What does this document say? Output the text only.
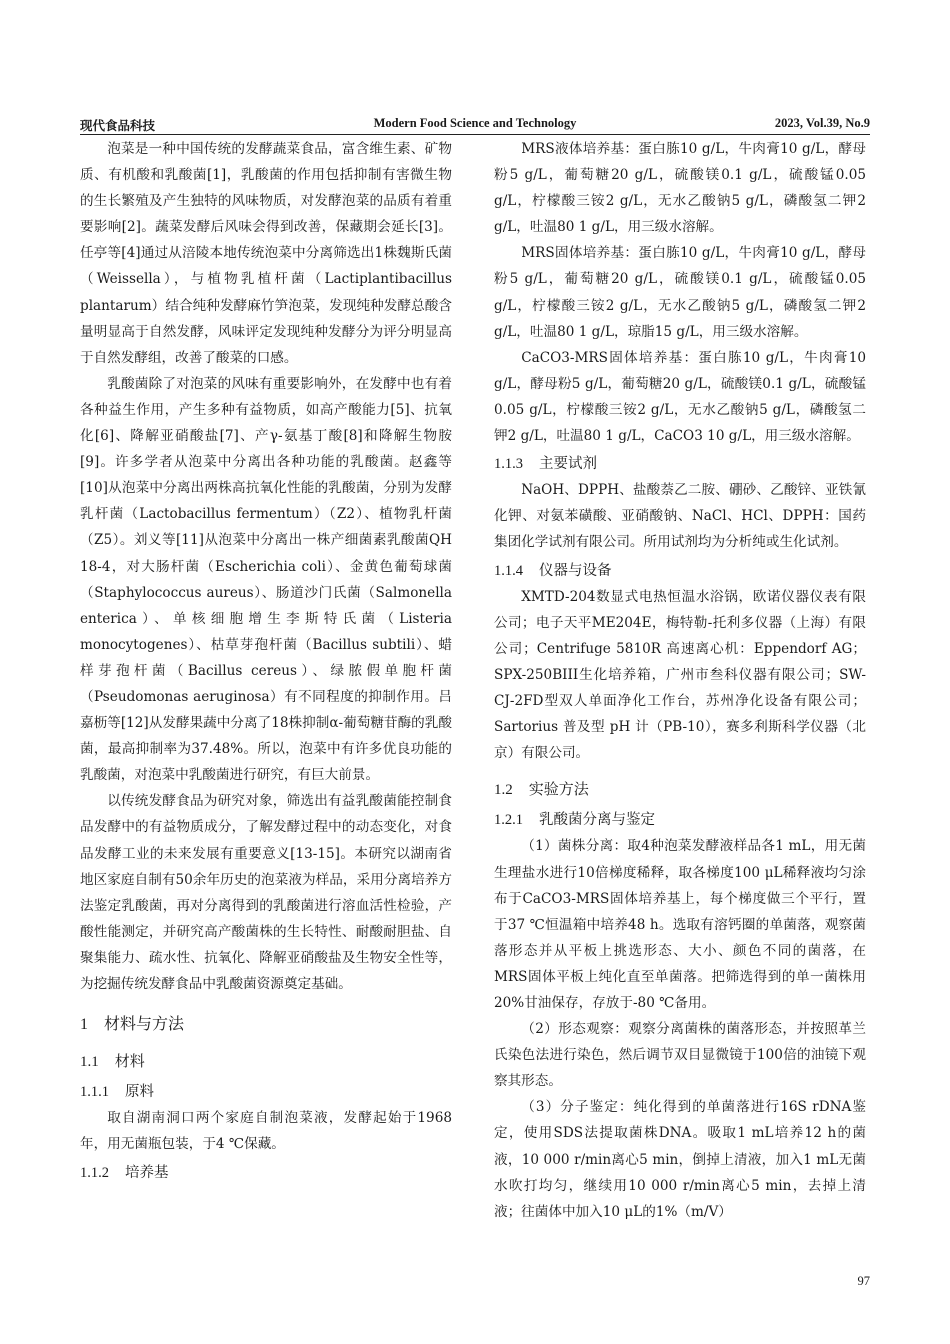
现代食品科技	Modern Food Science and Technology	2023, Vol.39, No.9

泡菜是一种中国传统的发酵蔬菜食品，富含维生素、矿物质、有机酸和乳酸菌[1]，乳酸菌的作用包括抑制有害微生物的生长繁殖及产生独特的风味物质，对发酵泡菜的品质有着重要影响[2]。蔬菜发酵后风味会得到改善，保藏期会延长[3]。任亭等[4]通过从涪陵本地传统泡菜中分离筛选出1株魏斯氏菌（Weissella），与植物乳植杆菌（Lactiplantibacillus plantarum）结合纯种发酵麻竹笋泡菜，发现纯种发酵总酸含量明显高于自然发酵，风味评定发现纯种发酵分为评分明显高于自然发酵组，改善了酸菜的口感。

乳酸菌除了对泡菜的风味有重要影响外，在发酵中也有着各种益生作用，产生多种有益物质，如高产酸能力[5]、抗氧化[6]、降解亚硝酸盐[7]、产γ-氨基丁酸[8]和降解生物胺[9]。许多学者从泡菜中分离出各种功能的乳酸菌。赵鑫等[10]从泡菜中分离出两株高抗氧化性能的乳酸菌，分别为发酵乳杆菌（Lactobacillus fermentum）（Z2）、植物乳杆菌（Z5）。刘义等[11]从泡菜中分离出一株产细菌素乳酸菌QH 18-4，对大肠杆菌（Escherichia coli）、金黄色葡萄球菌（Staphylococcus aureus）、肠道沙门氏菌（Salmonella enterica）、单核细胞增生李斯特氏菌（Listeria monocytogenes）、枯草芽孢杆菌（Bacillus subtili）、蜡样芽孢杆菌（Bacillus cereus）、绿脓假单胞杆菌（Pseudomonas aeruginosa）有不同程度的抑制作用。吕嘉枥等[12]从发酵果蔬中分离了18株抑制α-葡萄糖苷酶的乳酸菌，最高抑制率为37.48%。所以，泡菜中有许多优良功能的乳酸菌，对泡菜中乳酸菌进行研究，有巨大前景。

以传统发酵食品为研究对象，筛选出有益乳酸菌能控制食品发酵中的有益物质成分，了解发酵过程中的动态变化，对食品发酵工业的未来发展有重要意义[13-15]。本研究以湖南省地区家庭自制有50余年历史的泡菜液为样品，采用分离培养方法鉴定乳酸菌，再对分离得到的乳酸菌进行溶血活性检验，产酸性能测定，并研究高产酸菌株的生长特性、耐酸耐胆盐、自聚集能力、疏水性、抗氧化、降解亚硝酸盐及生物安全性等，为挖掘传统发酵食品中乳酸菌资源奠定基础。

1 材料与方法
1.1 材料
1.1.1 原料

取自湖南洞口两个家庭自制泡菜液，发酵起始于1968年，用无菌瓶包装，于4 ℃保藏。

1.1.2 培养基

MRS液体培养基：蛋白胨10 g/L，牛肉膏10 g/L，酵母粉5 g/L，葡萄糖20 g/L，硫酸镁0.1 g/L，硫酸锰0.05 g/L，柠檬酸三铵2 g/L，无水乙酸钠5 g/L，磷酸氢二钾2 g/L，吐温80 1 g/L，用三级水溶解。

MRS固体培养基：蛋白胨10 g/L，牛肉膏10 g/L，酵母粉5 g/L，葡萄糖20 g/L，硫酸镁0.1 g/L，硫酸锰0.05 g/L，柠檬酸三铵2 g/L，无水乙酸钠5 g/L，磷酸氢二钾2 g/L，吐温80 1 g/L，琼脂15 g/L，用三级水溶解。

CaCO3-MRS固体培养基：蛋白胨10 g/L，牛肉膏10 g/L，酵母粉5 g/L，葡萄糖20 g/L，硫酸镁0.1 g/L，硫酸锰0.05 g/L，柠檬酸三铵2 g/L，无水乙酸钠5 g/L，磷酸氢二钾2 g/L，吐温80 1 g/L，CaCO3 10 g/L，用三级水溶解。

1.1.3 主要试剂

NaOH、DPPH、盐酸萘乙二胺、硼砂、乙酸锌、亚铁氰化钾、对氨苯磺酸、亚硝酸钠、NaCl、HCl、DPPH：国药集团化学试剂有限公司。所用试剂均为分析纯或生化试剂。

1.1.4 仪器与设备

XMTD-204数显式电热恒温水浴锅，欧诺仪器仪表有限公司；电子天平ME204E，梅特勒-托利多仪器（上海）有限公司；Centrifuge 5810R 高速离心机：Eppendorf AG；SPX-250BIII生化培养箱，广州市叁科仪器有限公司；SW-CJ-2FD型双人单面净化工作台，苏州净化设备有限公司；Sartorius 普及型 pH 计（PB-10），赛多利斯科学仪器（北京）有限公司。

1.2 实验方法
1.2.1 乳酸菌分离与鉴定

（1）菌株分离：取4种泡菜发酵液样品各1 mL，用无菌生理盐水进行10倍梯度稀释，取各梯度100 μL稀释液均匀涂布于CaCO3-MRS固体培养基上，每个梯度做三个平行，置于37 ℃恒温箱中培养48 h。选取有溶钙圈的单菌落，观察菌落形态并从平板上挑选形态、大小、颜色不同的菌落，在MRS固体平板上纯化直至单菌落。把筛选得到的单一菌株用20%甘油保存，存放于-80 ℃备用。

（2）形态观察：观察分离菌株的菌落形态，并按照革兰氏染色法进行染色，然后调节双目显微镜于100倍的油镜下观察其形态。

（3）分子鉴定：纯化得到的单菌落进行16S rDNA鉴定，使用SDS法提取菌株DNA。吸取1 mL培养12 h的菌液，10 000 r/min离心5 min，倒掉上清液，加入1 mL无菌水吹打均匀，继续用10 000 r/min离心5 min，去掉上清液；往菌体中加入10 μL的1%（m/V）

97
